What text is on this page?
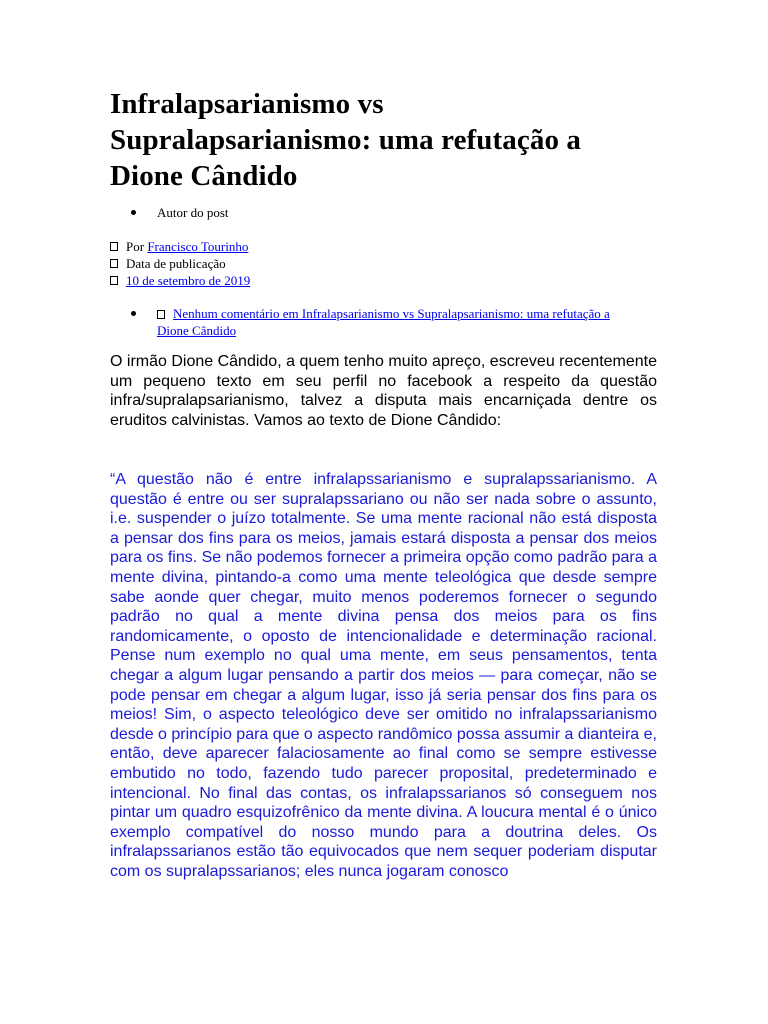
Infralapsarianismo vs Supralapsarianismo: uma refutação a Dione Cândido
Autor do post
Por
Francisco Tourinho
Data de publicação
10 de setembro de 2019
Nenhum comentário em Infralapsarianismo vs Supralapsarianismo: uma refutação a Dione Cândido

O irmão Dione Cândido, a quem tenho muito apreço, escreveu recentemente um pequeno texto em seu perfil no facebook a respeito da questão infra/supralapsarianismo, talvez a disputa mais encarniçada dentre os eruditos calvinistas. Vamos ao texto de Dione Cândido:

“A questão não é entre infralapssarianismo e supralapssarianismo. A questão é entre ou ser supralapssariano ou não ser nada sobre o assunto, i.e. suspender o juízo totalmente. Se uma mente racional não está disposta a pensar dos fins para os meios, jamais estará disposta a pensar dos meios para os fins. Se não podemos fornecer a primeira opção como padrão para a mente divina, pintando-a como uma mente teleológica que desde sempre sabe aonde quer chegar, muito menos poderemos fornecer o segundo padrão no qual a mente divina pensa dos meios para os fins randomicamente, o oposto de intencionalidade e determinação racional. Pense num exemplo no qual uma mente, em seus pensamentos, tenta chegar a algum lugar pensando a partir dos meios — para começar, não se pode pensar em chegar a algum lugar, isso já seria pensar dos fins para os meios! Sim, o aspecto teleológico deve ser omitido no infralapssarianismo desde o princípio para que o aspecto randômico possa assumir a dianteira e, então, deve aparecer falaciosamente ao final como se sempre estivesse embutido no todo, fazendo tudo parecer proposital, predeterminado e intencional. No final das contas, os infralapssarianos só conseguem nos pintar um quadro esquizofrênico da mente divina. A loucura mental é o único exemplo compatível do nosso mundo para a doutrina deles. Os infralapssarianos estão tão equivocados que nem sequer poderiam disputar com os supralapssarianos; eles nunca jogaram conosco
